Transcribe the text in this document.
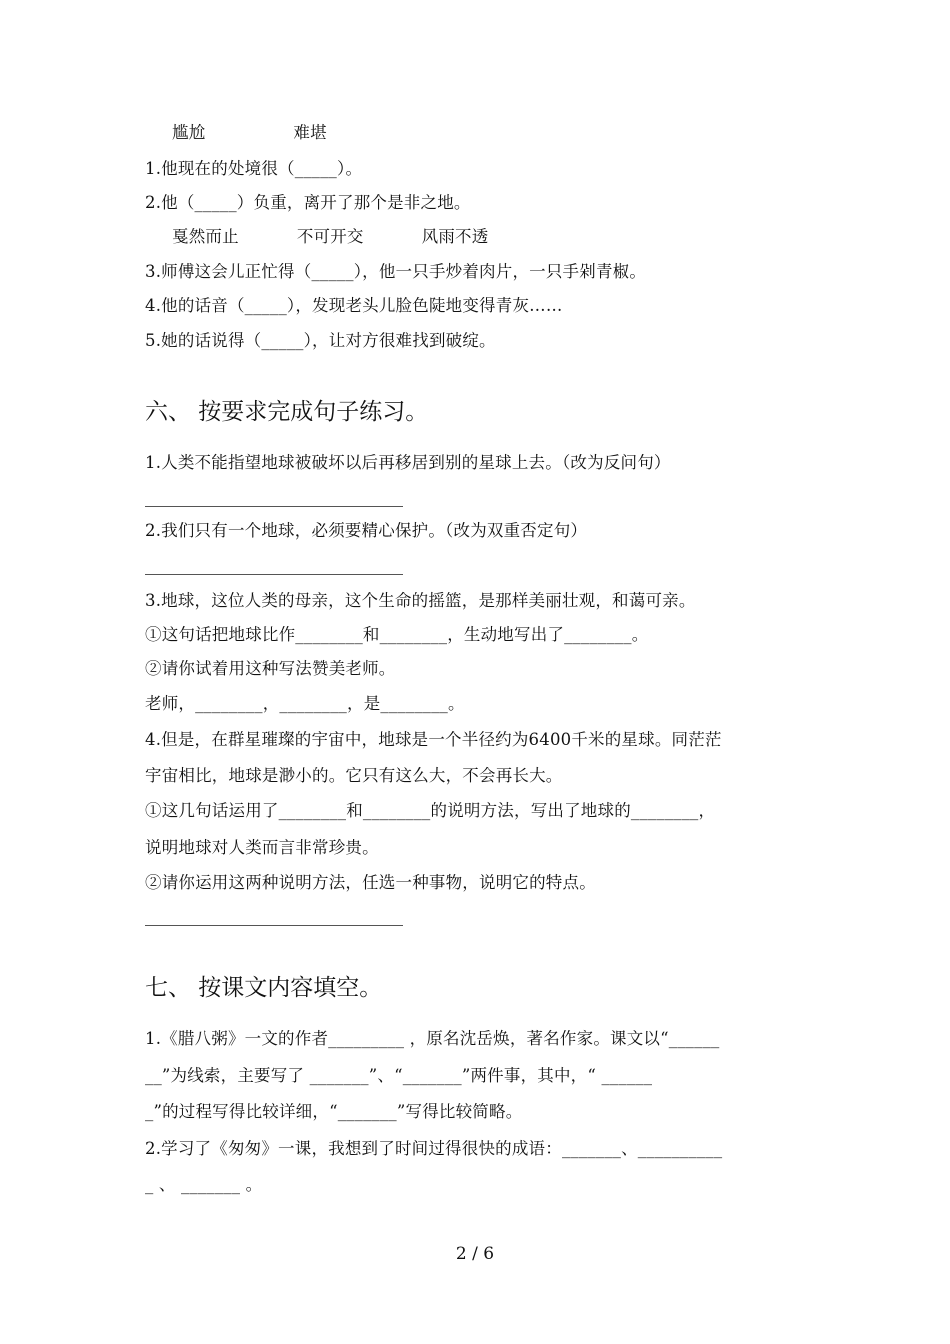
尴尬	难堪
1.他现在的处境很（_____）。
2.他（_____）负重，离开了那个是非之地。
戛然而止	不可开交	风雨不透
3.师傅这会儿正忙得（_____），他一只手炒着肉片，一只手剁青椒。
4.他的话音（_____），发现老头儿脸色陡地变得青灰……
5.她的话说得（_____），让对方很难找到破绽。
六、 按要求完成句子练习。
1.人类不能指望地球被破坏以后再移居到别的星球上去。（改为反问句）
2.我们只有一个地球，必须要精心保护。（改为双重否定句）
3.地球，这位人类的母亲，这个生命的摇篮，是那样美丽壮观，和蔼可亲。
①这句话把地球比作________和________，生动地写出了________。
②请你试着用这种写法赞美老师。
老师，________，________，是________。
4.但是，在群星璀璨的宇宙中，地球是一个半径约为6400千米的星球。同茫茫
宇宙相比，地球是渺小的。它只有这么大，不会再长大。
①这几句话运用了________和________的说明方法，写出了地球的________，
说明地球对人类而言非常珍贵。
②请你运用这两种说明方法，任选一种事物，说明它的特点。
七、 按课文内容填空。
1.《腊八粥》一文的作者_________ ，原名沈岳焕，著名作家。课文以“______
__”为线索，主要写了 _______”、“_______”两件事，其中，“ ______
_”的过程写得比较详细，“_______”写得比较简略。
2.学习了《匆匆》一课，我想到了时间过得很快的成语：_______、__________
_ 、 _______ 。
2 / 6
